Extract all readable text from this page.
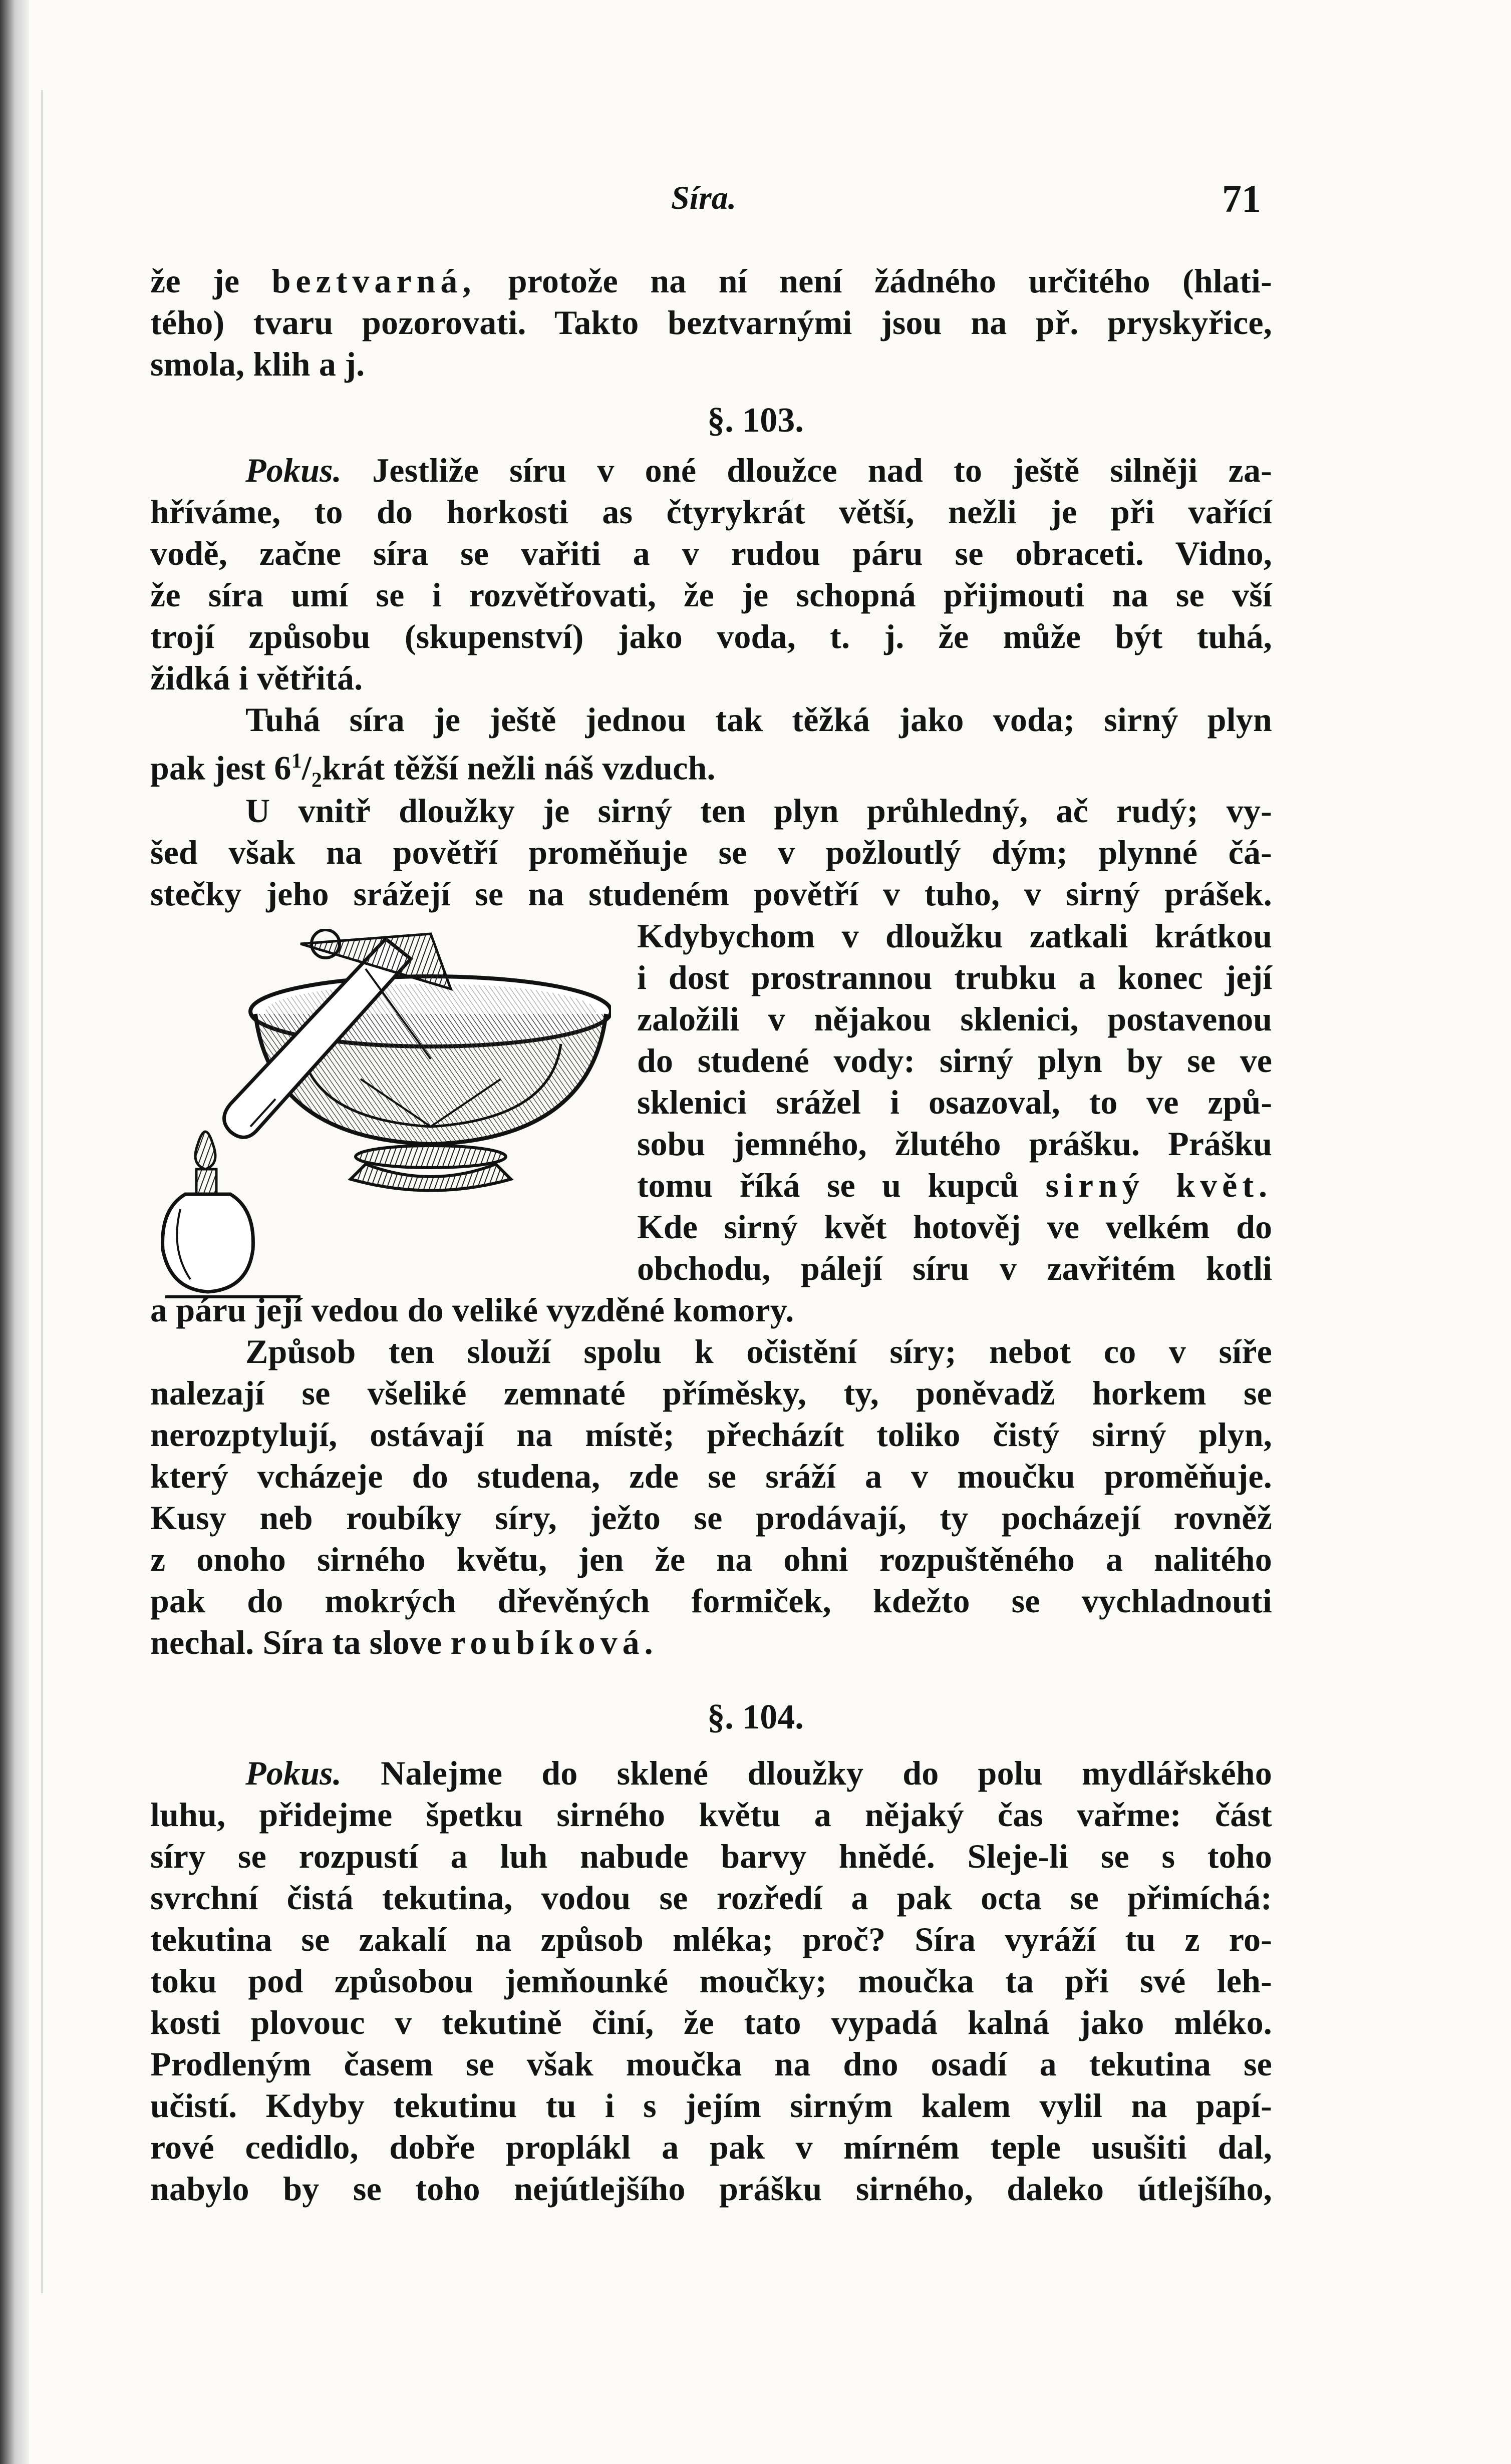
Síra.	71
že je beztvarná, protože na ní není žádného určitého (hlati-
tého) tvaru pozorovati. Takto beztvarnými jsou na př. pryskyřice,
smola, klih a j.
§. 103.
Pokus. Jestliže síru v oné dloužce nad to ještě silněji za-
hříváme, to do horkosti as čtyrykrát větší, nežli je při vařící
vodě, začne síra se vařiti a v rudou páru se obraceti. Vidno,
že síra umí se i rozvětřovati, že je schopná přijmouti na se vší
trojí způsobu (skupenství) jako voda, t. j. že může být tuhá,
židká i větřitá.
Tuhá síra je ještě jednou tak těžká jako voda; sirný plyn
pak jest $6^1/_2krát$ těžší nežli náš vzduch.
U vnitř dloužky je sirný ten plyn průhledný, ač rudý; vy-
šed však na povětří proměňuje se v požloutlý dým; plynné čá-
stečky jeho srážejí se na studeném povětří v tuho, v sirný prášek.
Kdybychom v dloužku zatkali krátkou
i dost prostrannou trubku a konec její
založili v nějakou sklenici, postavenou
do studené vody: sirný plyn by se ve
sklenici srážel i osazoval, to ve způ-
sobu jemného, žlutého prášku. Prášku
tomu říká se u kupců sirný květ.
Kde sirný květ hotověj ve velkém do
obchodu, pálejí síru v zavřitém kotli
a páru její vedou do veliké vyzděné komory.
Způsob ten slouží spolu k očistění síry; nebot co v síře
nalezají se všeliké zemnaté příměsky, ty, poněvadž horkem se
nerozptylují, ostávají na místě; přecházít toliko čistý sirný plyn,
který vcházeje do studena, zde se sráží a v moučku proměňuje.
Kusy neb roubíky síry, ježto se prodávají, ty pocházejí rovněž
z onoho sirného květu, jen že na ohni rozpuštěného a nalitého
pak do mokrých dřevěných formiček, kdežto se vychladnouti
nechal. Síra ta slove roubíková.
§. 104.
Pokus. Nalejme do sklené dloužky do polu mydlářského
luhu, přidejme špetku sirného květu a nějaký čas vařme: část
síry se rozpustí a luh nabude barvy hnědé. Sleje-li se s toho
svrchní čistá tekutina, vodou se rozředí a pak octa se přimíchá:
tekutina se zakalí na způsob mléka; proč? Síra vyráží tu z ro-
toku pod způsobou jemňounké moučky; moučka ta při své leh-
kosti plovouc v tekutině činí, že tato vypadá kalná jako mléko.
Prodleným časem se však moučka na dno osadí a tekutina se
učistí. Kdyby tekutinu tu i s jejím sirným kalem vylil na papí-
rové cedidlo, dobře proplákl a pak v mírném teple usušiti dal,
nabylo by se toho nejútlejšího prášku sirného, daleko útlejšího,
